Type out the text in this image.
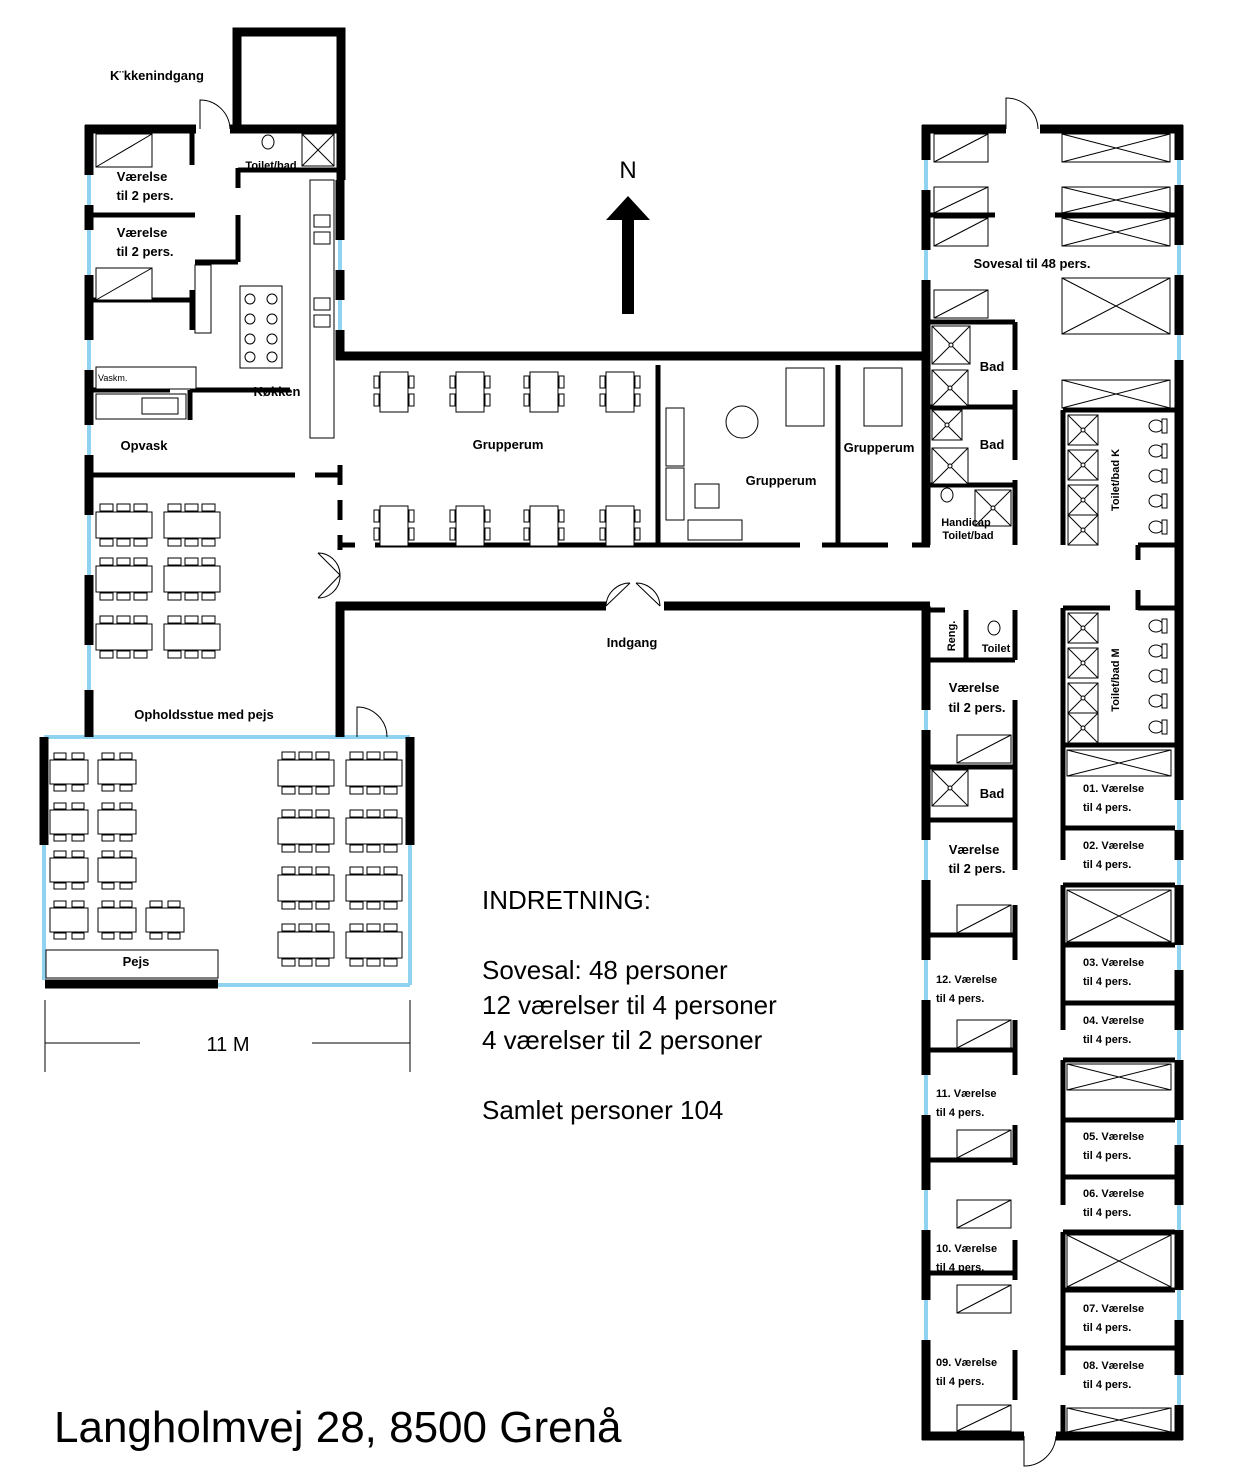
N
K¨kkenindgang
Værelse
til 2 pers.
Værelse
til 2 pers.
Toilet/bad
Vaskm.
Køkken
Opvask	Grupperum
Grupperum
Grupperum
Sovesal til 48 pers.
Bad
Bad
Handicap
Toilet/bad
Toilet/bad K
Toilet/bad M
Reng. Toilet
Indgang
Opholdsstue med pejs
Pejs
Værelse
til 2 pers.
Bad
Værelse
til 2 pers.
01. Værelse
til 4 pers.
02. Værelse
til 4 pers.
03. Værelse
til 4 pers.
04. Værelse
til 4 pers.
05. Værelse
til 4 pers.
06. Værelse
til 4 pers.
07. Værelse
til 4 pers.
08. Værelse
til 4 pers.
09. Værelse
til 4 pers.
10. Værelse
til 4 pers.
11. Værelse
til 4 pers.
12. Værelse
til 4 pers.
11 M
INDRETNING:
Sovesal: 48 personer
12 værelser til 4 personer
4 værelser til 2 personer
Samlet personer 104
Langholmvej 28, 8500 Grenå
